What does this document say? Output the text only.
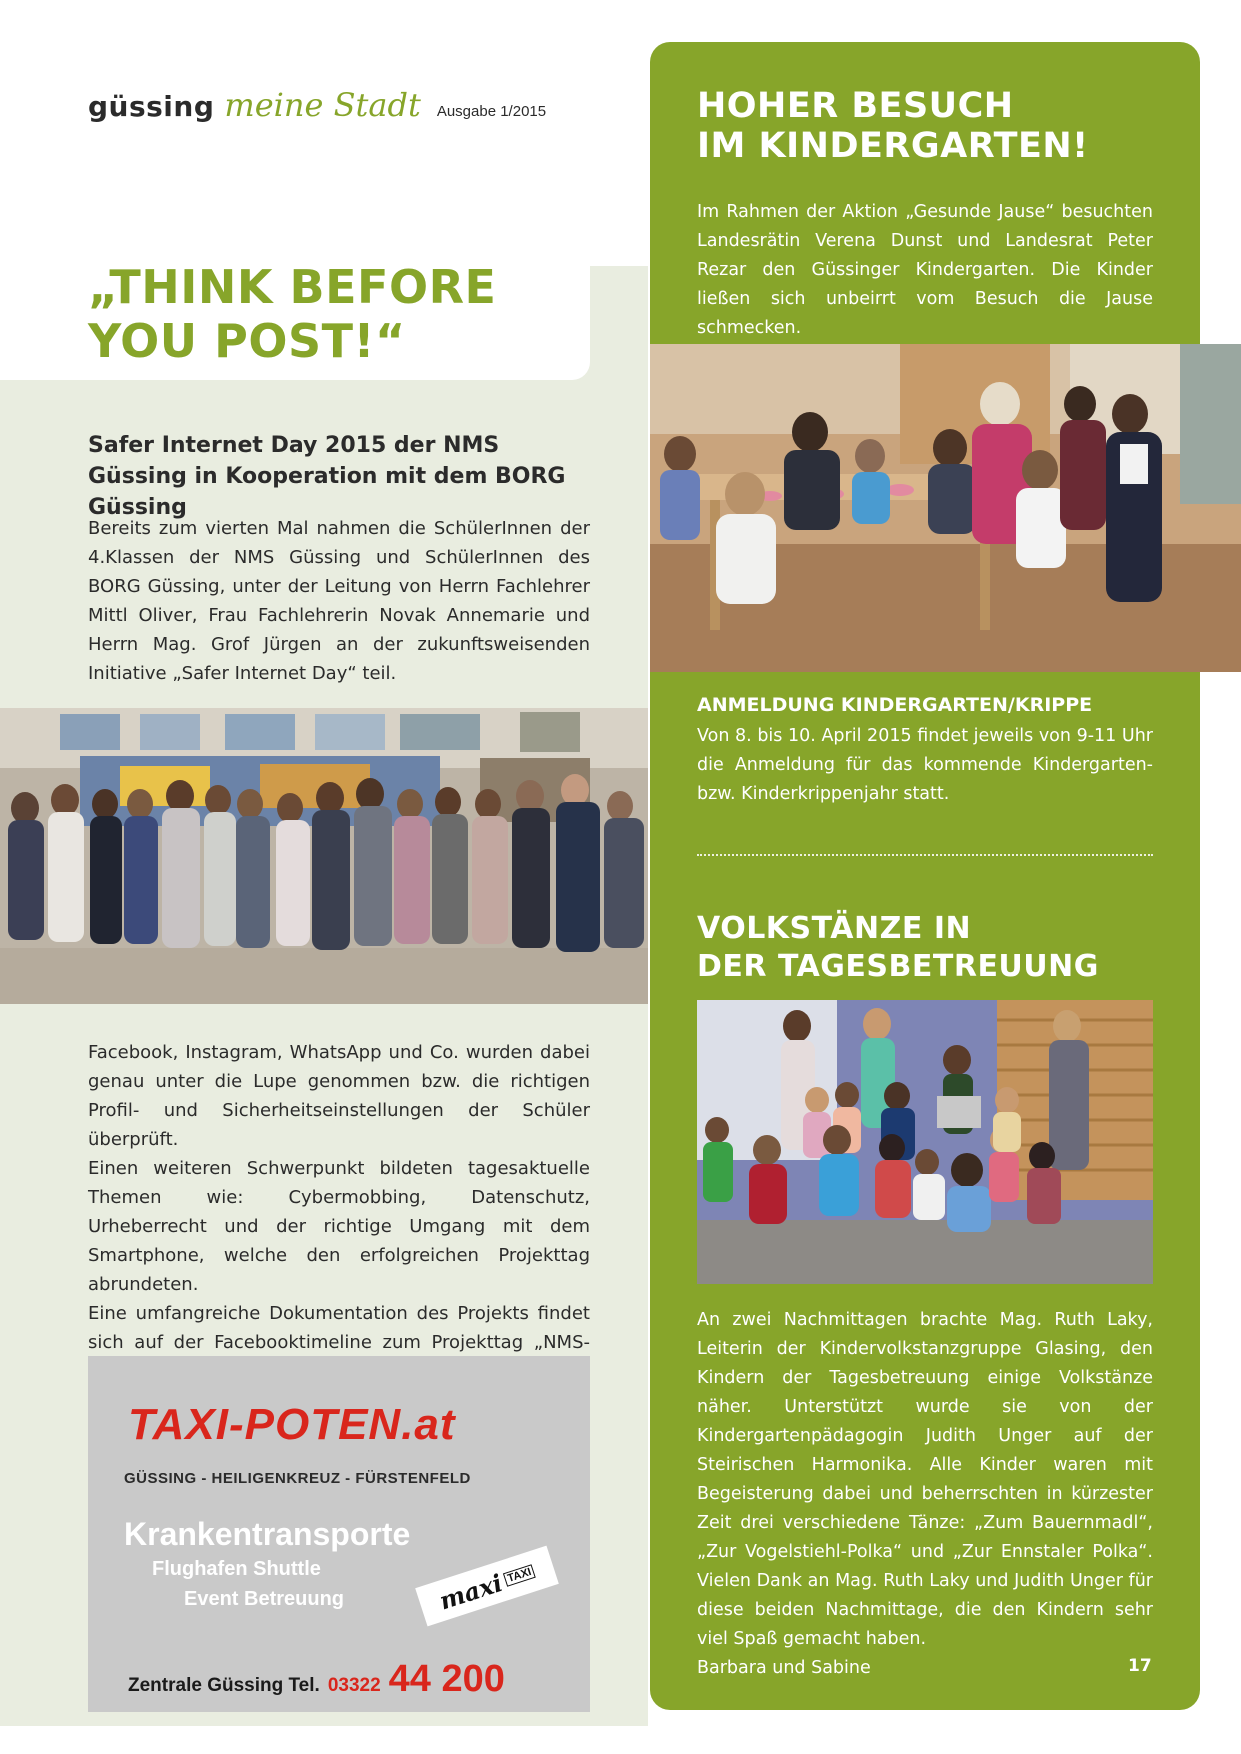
güssing meine Stadt Ausgabe 1/2015
„THINK BEFORE
YOU POST!“
Safer Internet Day 2015 der NMS Güssing in Kooperation mit dem BORG Güssing
Bereits zum vierten Mal nahmen die SchülerInnen der 4.Klassen der NMS Güssing und SchülerInnen des BORG Güssing, unter der Leitung von Herrn Fachlehrer Mittl Oliver, Frau Fachlehrerin Novak Annemarie und Herrn Mag. Grof Jürgen an der zukunftsweisenden Initiative „Safer Internet Day“ teil.
Facebook, Instagram, WhatsApp und Co. wurden dabei genau unter die Lupe genommen bzw. die richtigen Profil- und Sicherheitseinstellungen der Schüler überprüft.
Einen weiteren Schwerpunkt bildeten tagesaktuelle Themen wie: Cybermobbing, Datenschutz, Urheberrecht und der richtige Umgang mit dem Smartphone, welche den erfolgreichen Projekttag abrundeten.
Eine umfangreiche Dokumentation des Projekts findet sich auf der Facebooktimeline zum Projekttag „NMS-
TAXI-POTEN.at
GÜSSING - HEILIGENKREUZ - FÜRSTENFELD
Krankentransporte
Flughafen Shuttle
Event Betreuung	maxi TAXI
Zentrale Güssing Tel. 03322 44 200
HOHER BESUCH
IM KINDERGARTEN!
Im Rahmen der Aktion „Gesunde Jause“ besuchten Landesrätin Verena Dunst und Landesrat Peter Rezar den Güssinger Kindergarten. Die Kinder ließen sich unbeirrt vom Besuch die Jause schmecken.
ANMELDUNG KINDERGARTEN/KRIPPE
Von 8. bis 10. April 2015 findet jeweils von 9-11 Uhr die Anmeldung für das kommende Kindergarten- bzw. Kinderkrippenjahr statt.
VOLKSTÄNZE IN
DER TAGESBETREUUNG
An zwei Nachmittagen brachte Mag. Ruth Laky, Leiterin der Kindervolkstanzgruppe Glasing, den Kindern der Tagesbetreuung einige Volkstänze näher. Unterstützt wurde sie von der Kindergartenpädagogin Judith Unger auf der Steirischen Harmonika. Alle Kinder waren mit Begeisterung dabei und beherrschten in kürzester Zeit drei verschiedene Tänze: „Zum Bauernmadl“, „Zur Vogelstiehl-Polka“ und „Zur Ennstaler Polka“. Vielen Dank an Mag. Ruth Laky und Judith Unger für diese beiden Nachmittage, die den Kindern sehr viel Spaß gemacht haben.
Barbara und Sabine	17
